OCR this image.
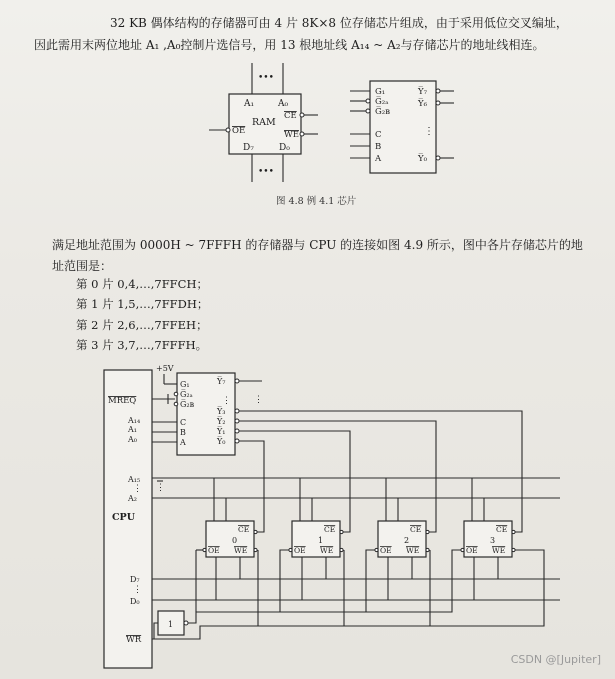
32 KB 偶体结构的存储器可由 4 片 8K×8 位存储芯片组成，由于采用低位交叉编址，
因此需用末两位地址 A₁ ,A₀控制片选信号，用 13 根地址线 A₁₄ ~ A₂与存储芯片的地址线相连。
•••
A₁	A₀
RAM
CE
OE	WE
D₇	D₀
•••
G₁
G̅₂ₐ
G̅₂ʙ
C
B
A
Y̅₇
Y̅₆
⋮
Y̅₀
MREQ
A₁₄
A₁
A₀
A₁₅
⋮
A₂
CPU
D₇
⋮
D₀
WR
+5V
G₁
G̅₂ₐ
G̅₂ʙ
C
B
A
Y̅₇
⋮
Y̅₃
Y̅₂
Y̅₁
Y̅₀
⋮
⋮
0
CE
OE WE
1
CE
OE WE
2
CE
OE WE
3
CE
OE WE
1
图 4.8 例 4.1 芯片
满足地址范围为 0000H ~ 7FFFH 的存储器与 CPU 的连接如图 4.9 所示，图中各片存储芯片的地
址范围是：
第 0 片 0,4,…,7FFCH；
第 1 片 1,5,…,7FFDH；
第 2 片 2,6,…,7FFEH；
第 3 片 3,7,…,7FFFH。
CSDN @[Jupiter]
